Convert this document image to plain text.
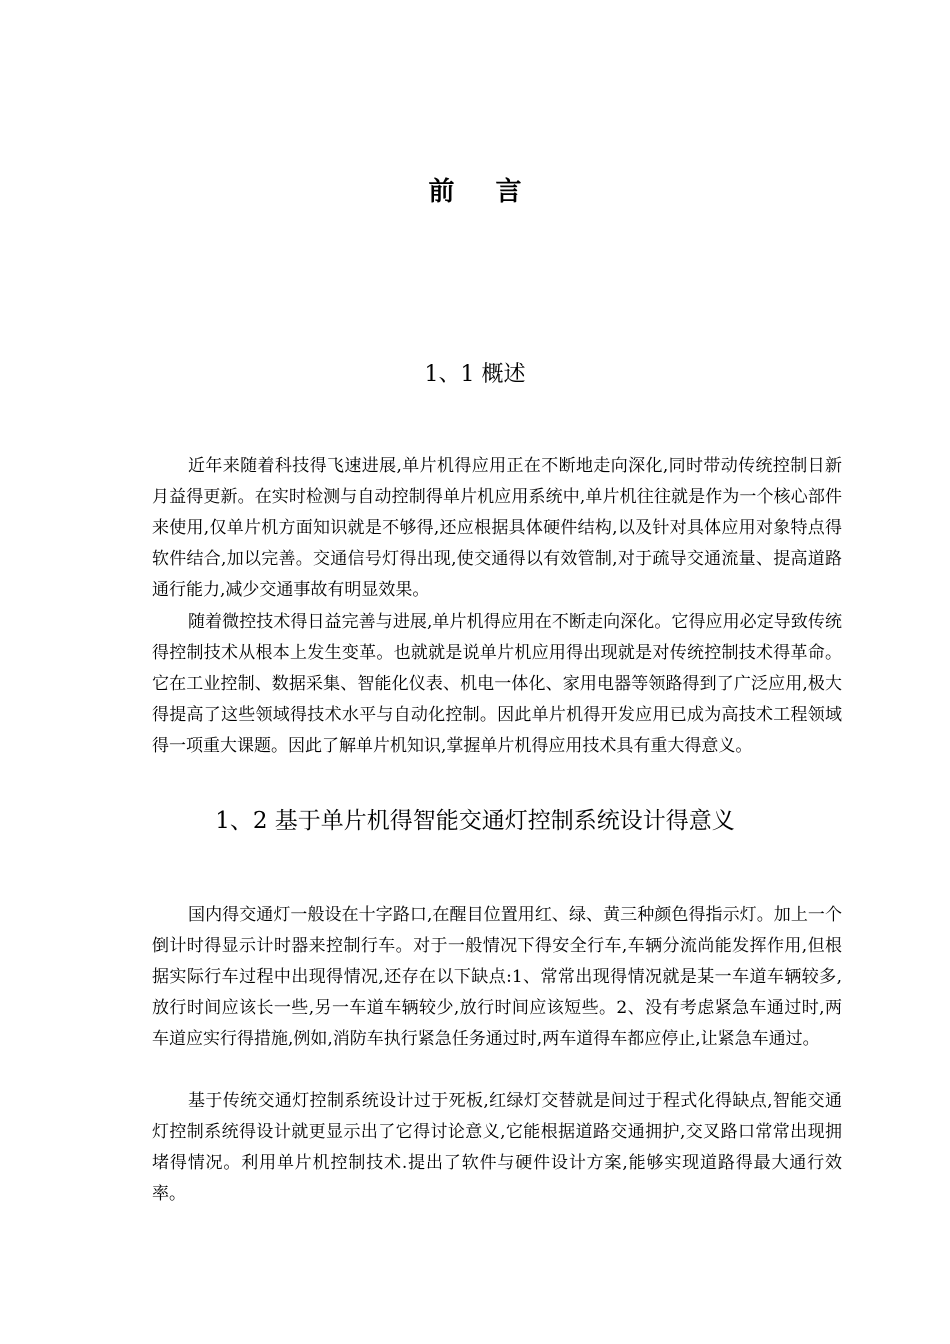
前 言
1、1 概述

近年来随着科技得飞速进展,单片机得应用正在不断地走向深化,同时带动传统控制日新月益得更新。在实时检测与自动控制得单片机应用系统中,单片机往往就是作为一个核心部件来使用,仅单片机方面知识就是不够得,还应根据具体硬件结构,以及针对具体应用对象特点得软件结合,加以完善。交通信号灯得出现,使交通得以有效管制,对于疏导交通流量、提高道路通行能力,减少交通事故有明显效果。

随着微控技术得日益完善与进展,单片机得应用在不断走向深化。它得应用必定导致传统得控制技术从根本上发生变革。也就就是说单片机应用得出现就是对传统控制技术得革命。它在工业控制、数据采集、智能化仪表、机电一体化、家用电器等领路得到了广泛应用,极大得提高了这些领域得技术水平与自动化控制。因此单片机得开发应用已成为高技术工程领域得一项重大课题。因此了解单片机知识,掌握单片机得应用技术具有重大得意义。

1、2 基于单片机得智能交通灯控制系统设计得意义

国内得交通灯一般设在十字路口,在醒目位置用红、绿、黄三种颜色得指示灯。加上一个倒计时得显示计时器来控制行车。对于一般情况下得安全行车,车辆分流尚能发挥作用,但根据实际行车过程中出现得情况,还存在以下缺点:1、常常出现得情况就是某一车道车辆较多,放行时间应该长一些,另一车道车辆较少,放行时间应该短些。2、没有考虑紧急车通过时,两车道应实行得措施,例如,消防车执行紧急任务通过时,两车道得车都应停止,让紧急车通过。

基于传统交通灯控制系统设计过于死板,红绿灯交替就是间过于程式化得缺点,智能交通灯控制系统得设计就更显示出了它得讨论意义,它能根据道路交通拥护,交叉路口常常出现拥堵得情况。利用单片机控制技术.提出了软件与硬件设计方案,能够实现道路得最大通行效率。
